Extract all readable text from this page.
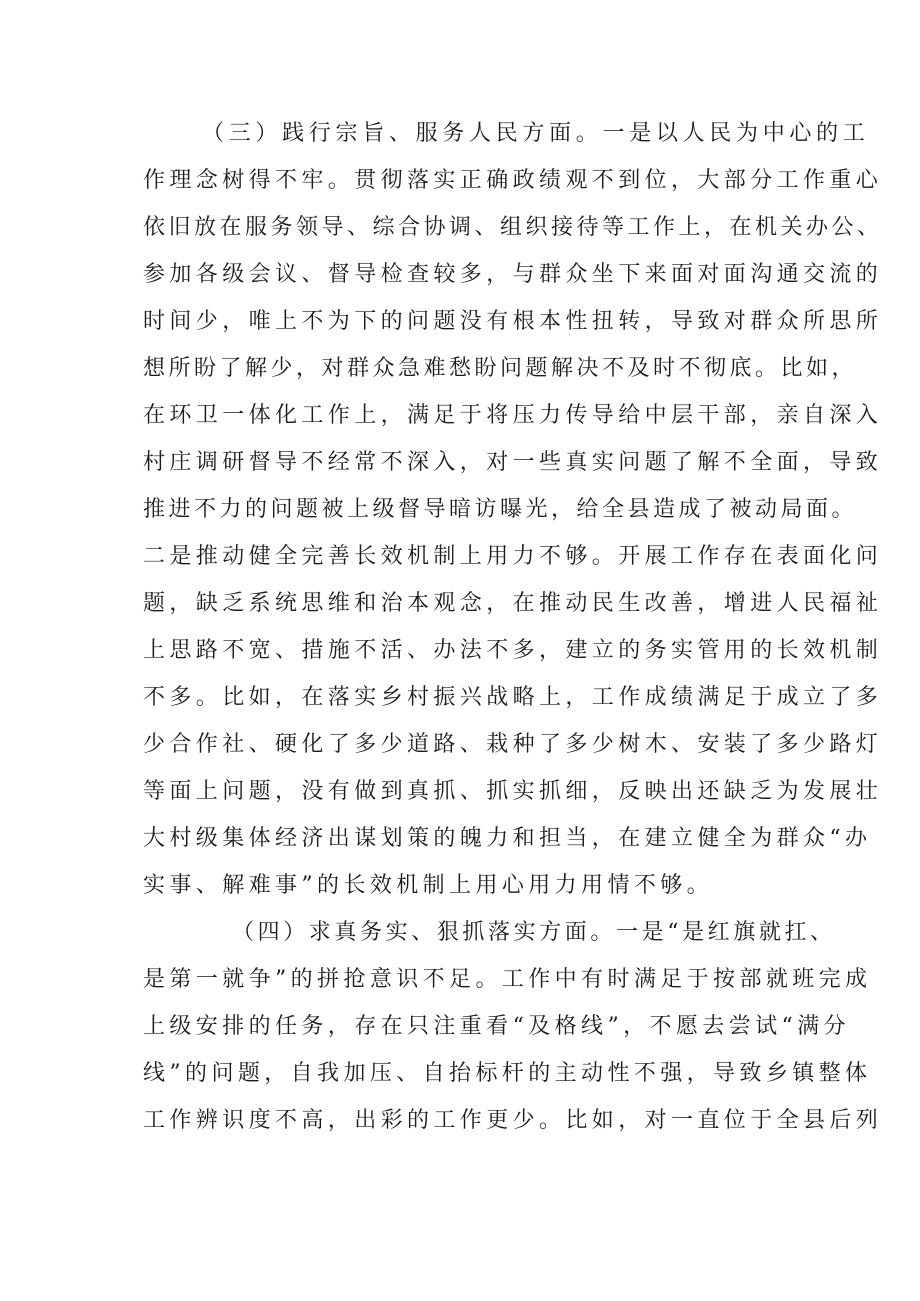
（三）践行宗旨、服务人民方面。一是以人民为中心的工
作理念树得不牢。贯彻落实正确政绩观不到位，大部分工作重心
依旧放在服务领导、综合协调、组织接待等工作上，在机关办公、
参加各级会议、督导检查较多，与群众坐下来面对面沟通交流的
时间少，唯上不为下的问题没有根本性扭转，导致对群众所思所
想所盼了解少，对群众急难愁盼问题解决不及时不彻底。比如，
在环卫一体化工作上，满足于将压力传导给中层干部，亲自深入
村庄调研督导不经常不深入，对一些真实问题了解不全面，导致
推进不力的问题被上级督导暗访曝光，给全县造成了被动局面。
二是推动健全完善长效机制上用力不够。开展工作存在表面化问
题，缺乏系统思维和治本观念，在推动民生改善，增进人民福祉
上思路不宽、措施不活、办法不多，建立的务实管用的长效机制
不多。比如，在落实乡村振兴战略上，工作成绩满足于成立了多
少合作社、硬化了多少道路、栽种了多少树木、安装了多少路灯
等面上问题，没有做到真抓、抓实抓细，反映出还缺乏为发展壮
大村级集体经济出谋划策的魄力和担当，在建立健全为群众“办
实事、解难事”的长效机制上用心用力用情不够。
（四）求真务实、狠抓落实方面。一是“是红旗就扛、
是第一就争”的拼抢意识不足。工作中有时满足于按部就班完成
上级安排的任务，存在只注重看“及格线”，不愿去尝试“满分
线”的问题，自我加压、自抬标杆的主动性不强，导致乡镇整体
工作辨识度不高，出彩的工作更少。比如，对一直位于全县后列
